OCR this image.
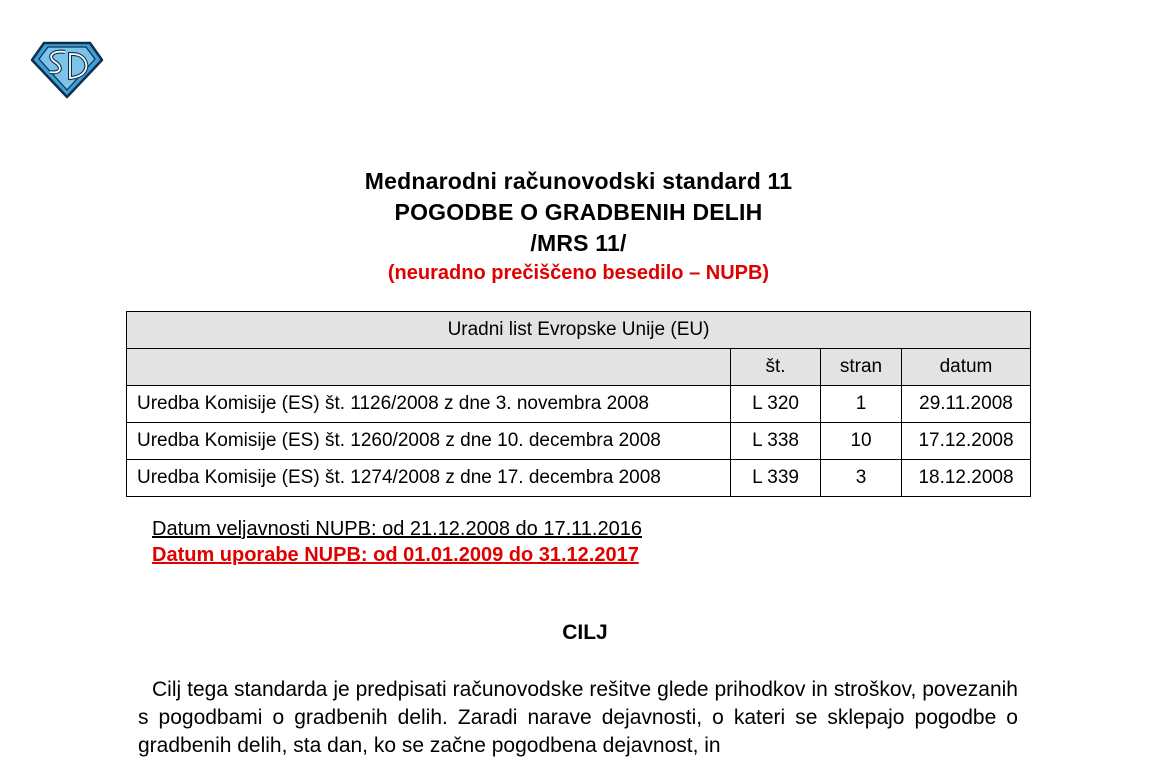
Mednarodni računovodski standard 11
POGODBE O GRADBENIH DELIH
/MRS 11/
(neuradno prečiščeno besedilo – NUPB)
Uradni list Evropske Unije (EU)			
	št.	stran	datum
Uredba Komisije (ES) št. 1126/2008 z dne 3. novembra 2008	L 320	1	29.11.2008
Uredba Komisije (ES) št. 1260/2008 z dne 10. decembra 2008	L 338	10	17.12.2008
Uredba Komisije (ES) št. 1274/2008 z dne 17. decembra 2008	L 339	3	18.12.2008
Datum veljavnosti NUPB: od 21.12.2008 do 17.11.2016
Datum uporabe NUPB: od 01.01.2009 do 31.12.2017
CILJ
Cilj tega standarda je predpisati računovodske rešitve glede prihodkov in stroškov, povezanih s pogodbami o gradbenih delih. Zaradi narave dejavnosti, o kateri se sklepajo pogodbe o gradbenih delih, sta dan, ko se začne pogodbena dejavnost, in
